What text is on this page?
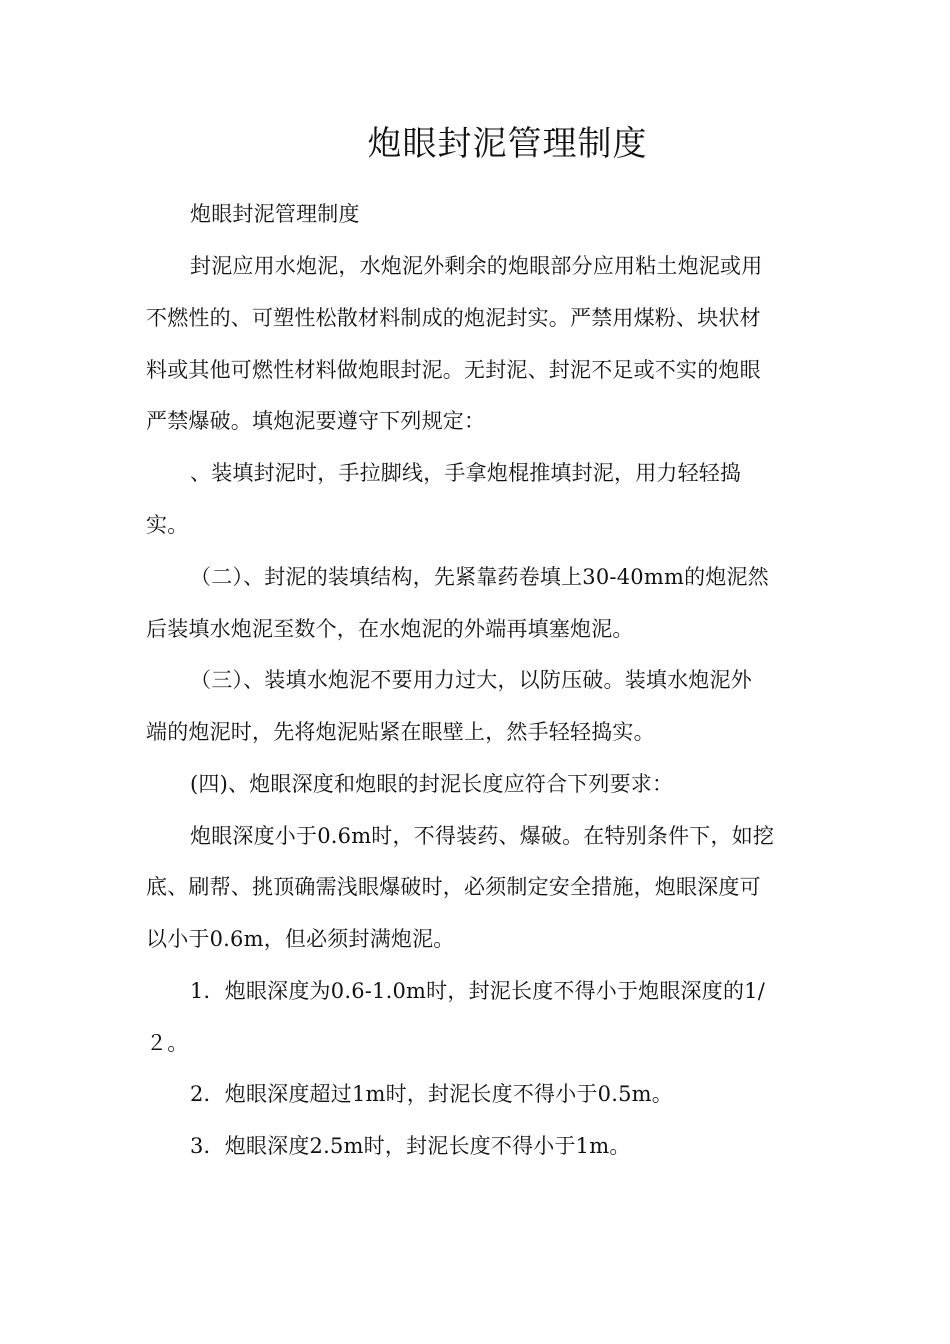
炮眼封泥管理制度
炮眼封泥管理制度
封泥应用水炮泥，水炮泥外剩余的炮眼部分应用粘土炮泥或用
不燃性的、可塑性松散材料制成的炮泥封实。严禁用煤粉、块状材
料或其他可燃性材料做炮眼封泥。无封泥、封泥不足或不实的炮眼
严禁爆破。填炮泥要遵守下列规定：
、装填封泥时，手拉脚线，手拿炮棍推填封泥，用力轻轻捣
实。
（二）、封泥的装填结构，先紧靠药卷填上30-40mm的炮泥然
后装填水炮泥至数个，在水炮泥的外端再填塞炮泥。
（三）、装填水炮泥不要用力过大，以防压破。装填水炮泥外
端的炮泥时，先将炮泥贴紧在眼壁上，然手轻轻捣实。
(四)、炮眼深度和炮眼的封泥长度应符合下列要求：
炮眼深度小于0.6m时，不得装药、爆破。在特别条件下，如挖
底、刷帮、挑顶确需浅眼爆破时，必须制定安全措施，炮眼深度可
以小于0.6m，但必须封满炮泥。
1．炮眼深度为0.6-1.0m时，封泥长度不得小于炮眼深度的1/
２。
2．炮眼深度超过1m时，封泥长度不得小于0.5m。
3．炮眼深度2.5m时，封泥长度不得小于1m。
